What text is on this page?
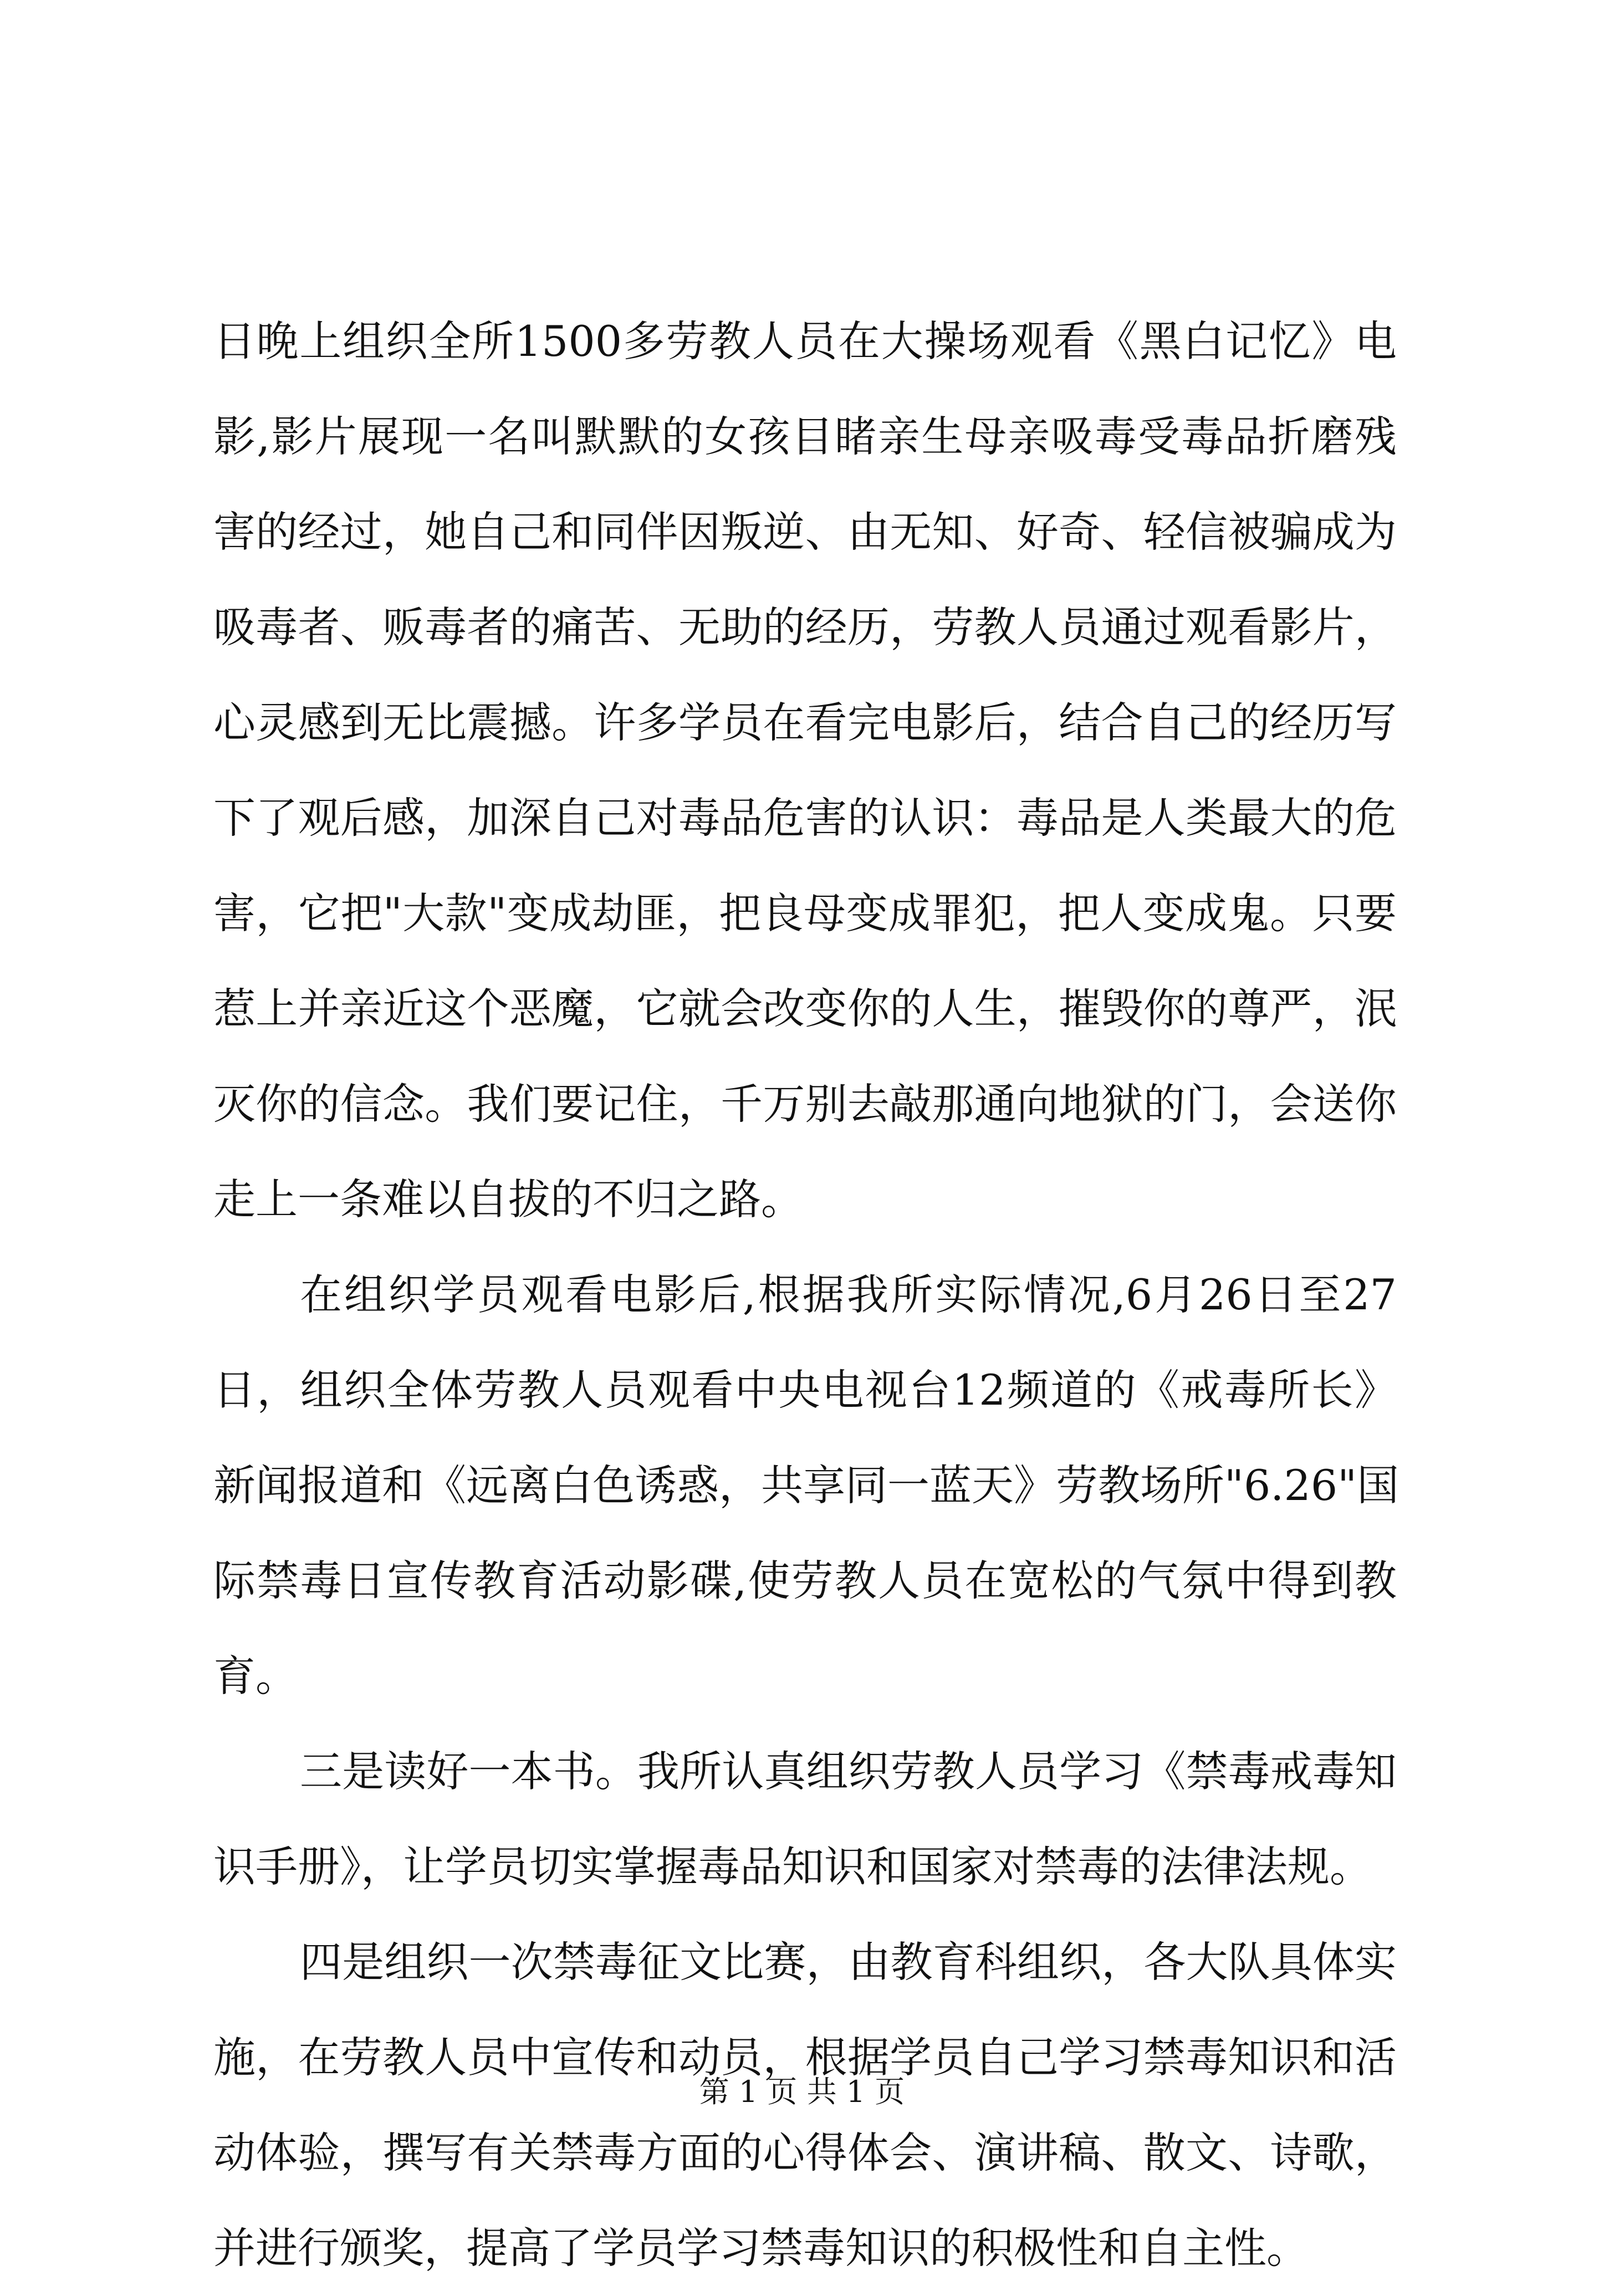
日晚上组织全所1500多劳教人员在大操场观看《黑白记忆》电
影,影片展现一名叫默默的女孩目睹亲生母亲吸毒受毒品折磨残
害的经过，她自己和同伴因叛逆、由无知、好奇、轻信被骗成为
吸毒者、贩毒者的痛苦、无助的经历，劳教人员通过观看影片，
心灵感到无比震撼。许多学员在看完电影后，结合自己的经历写
下了观后感，加深自己对毒品危害的认识：毒品是人类最大的危
害，它把"大款"变成劫匪，把良母变成罪犯，把人变成鬼。只要
惹上并亲近这个恶魔，它就会改变你的人生，摧毁你的尊严，泯
灭你的信念。我们要记住，千万别去敲那通向地狱的门，会送你
走上一条难以自拔的不归之路。
在组织学员观看电影后,根据我所实际情况,6月26日至27
日，组织全体劳教人员观看中央电视台12频道的《戒毒所长》
新闻报道和《远离白色诱惑，共享同一蓝天》劳教场所"6.26"国
际禁毒日宣传教育活动影碟,使劳教人员在宽松的气氛中得到教
育。
三是读好一本书。我所认真组织劳教人员学习《禁毒戒毒知
识手册》，让学员切实掌握毒品知识和国家对禁毒的法律法规。
四是组织一次禁毒征文比赛，由教育科组织，各大队具体实
施，在劳教人员中宣传和动员，根据学员自己学习禁毒知识和活
动体验，撰写有关禁毒方面的心得体会、演讲稿、散文、诗歌，
并进行颁奖，提高了学员学习禁毒知识的积极性和自主性。
第 1 页 共 1 页
